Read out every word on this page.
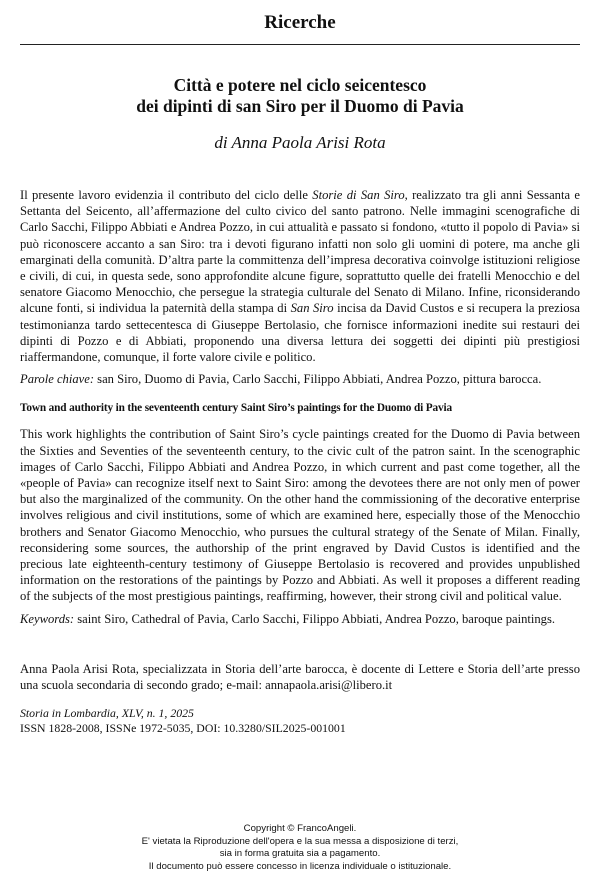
Ricerche
Città e potere nel ciclo seicentesco
dei dipinti di san Siro per il Duomo di Pavia
di Anna Paola Arisi Rota

Il presente lavoro evidenzia il contributo del ciclo delle Storie di San Siro, realizzato tra gli anni Sessanta e Settanta del Seicento, all’affermazione del culto civico del santo patrono. Nelle immagini scenografiche di Carlo Sacchi, Filippo Abbiati e Andrea Pozzo, in cui attualità e passato si fondono, «tutto il popolo di Pavia» si può riconoscere accanto a san Siro: tra i devoti figurano infatti non solo gli uomini di potere, ma anche gli emarginati della comunità. D’altra parte la committenza dell’impresa decorativa coinvolge istituzioni religiose e civili, di cui, in questa sede, sono approfondite alcune figure, soprattutto quelle dei fratelli Menocchio e del senatore Giacomo Menocchio, che persegue la strategia culturale del Senato di Milano. Infine, riconsiderando alcune fonti, si individua la paternità della stampa di San Siro incisa da David Custos e si recupera la preziosa testimonianza tardo settecentesca di Giuseppe Bertolasio, che fornisce informazioni inedite sui restauri dei dipinti di Pozzo e di Abbiati, proponendo una diversa lettura dei soggetti dei dipinti più prestigiosi riaffermandone, comunque, il forte valore civile e politico.

Parole chiave: san Siro, Duomo di Pavia, Carlo Sacchi, Filippo Abbiati, Andrea Pozzo, pittura barocca.

Town and authority in the seventeenth century Saint Siro’s paintings for the Duomo di Pavia

This work highlights the contribution of Saint Siro’s cycle paintings created for the Duomo di Pavia between the Sixties and Seventies of the seventeenth century, to the civic cult of the patron saint. In the scenographic images of Carlo Sacchi, Filippo Abbiati and Andrea Pozzo, in which current and past come together, all the «people of Pavia» can recognize itself next to Saint Siro: among the devotees there are not only men of power but also the marginalized of the community. On the other hand the commissioning of the decorative enterprise involves religious and civil institutions, some of which are examined here, especially those of the Menocchio brothers and Senator Giacomo Menocchio, who pursues the cultural strategy of the Senate of Milan. Finally, reconsidering some sources, the authorship of the print engraved by David Custos is identified and the precious late eighteenth-century testimony of Giuseppe Bertolasio is recovered and provides unpublished information on the restorations of the paintings by Pozzo and Abbiati. As well it proposes a different reading of the subjects of the most prestigious paintings, reaffirming, however, their strong civil and political value.

Keywords: saint Siro, Cathedral of Pavia, Carlo Sacchi, Filippo Abbiati, Andrea Pozzo, baroque paintings.

Anna Paola Arisi Rota, specializzata in Storia dell’arte barocca, è docente di Lettere e Storia dell’arte presso una scuola secondaria di secondo grado; e-mail: annapaola.arisi@libero.it

Storia in Lombardia, XLV, n. 1, 2025
ISSN 1828-2008, ISSNe 1972-5035, DOI: 10.3280/SIL2025-001001
Copyright © FrancoAngeli.
E' vietata la Riproduzione dell'opera e la sua messa a disposizione di terzi,
sia in forma gratuita sia a pagamento.
Il documento può essere concesso in licenza individuale o istituzionale.
